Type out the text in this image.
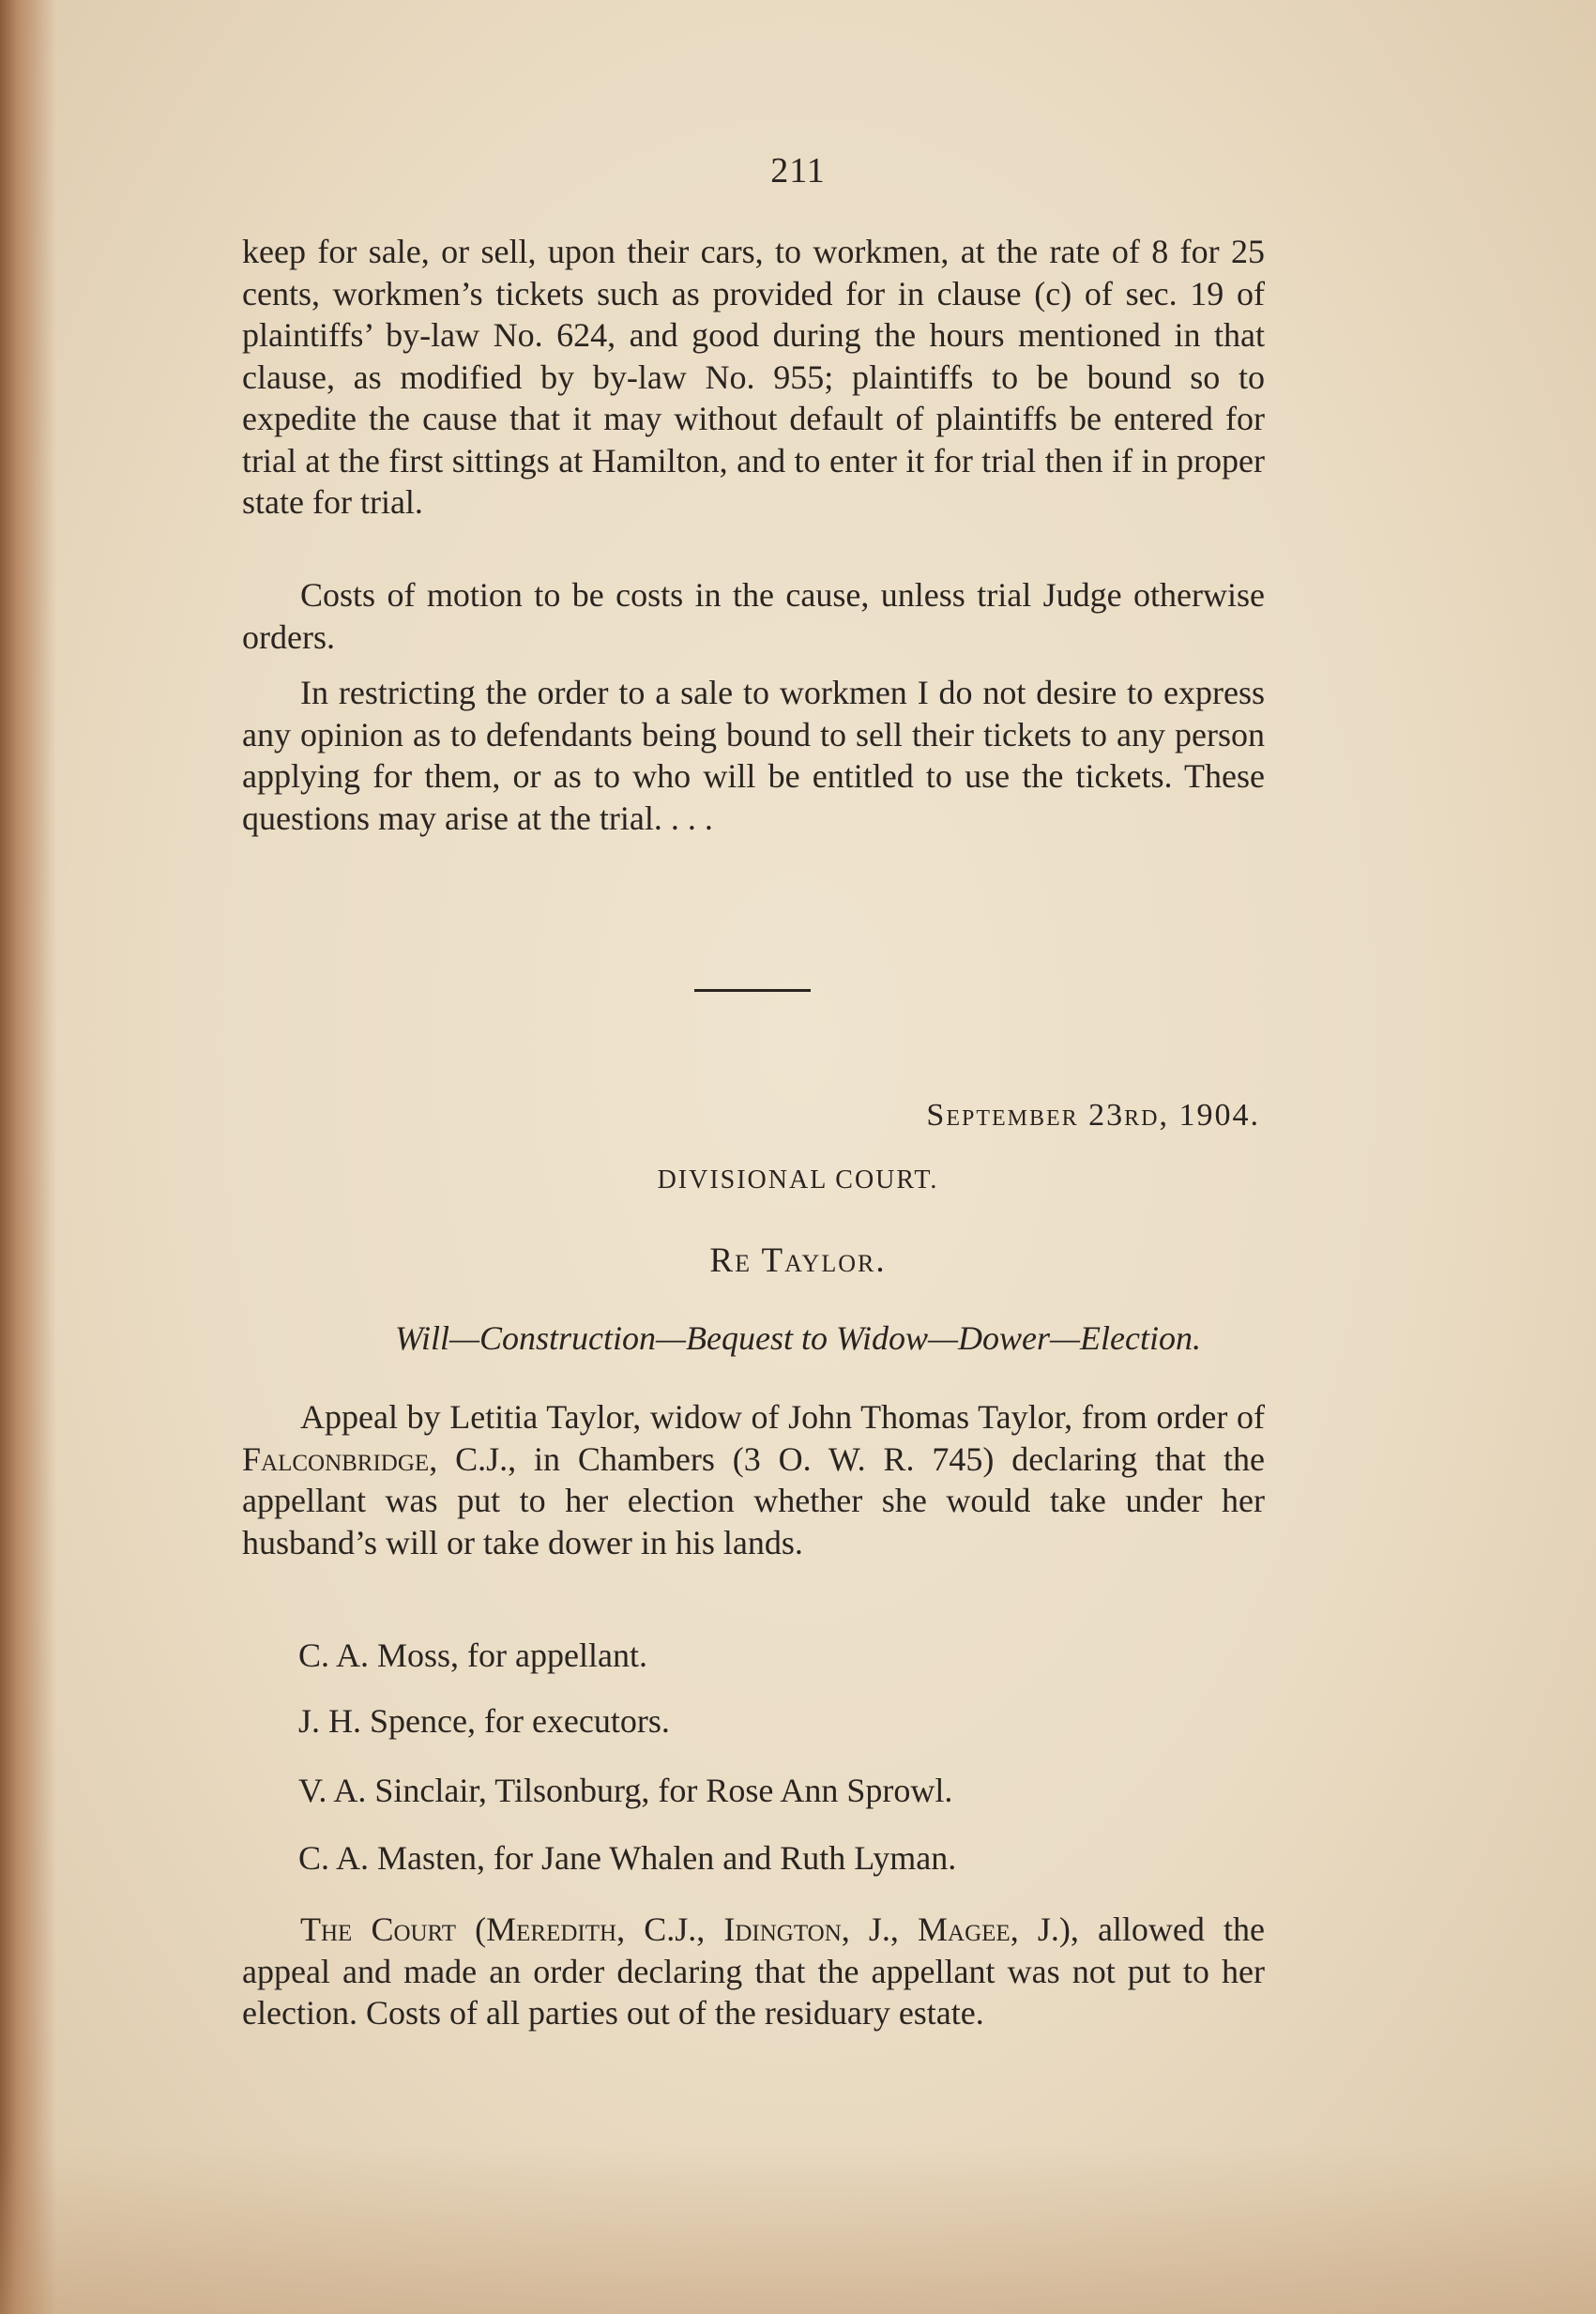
211

keep for sale, or sell, upon their cars, to workmen, at the rate of 8 for 25 cents, workmen’s tickets such as provided for in clause (c) of sec. 19 of plaintiffs’ by-law No. 624, and good during the hours mentioned in that clause, as modified by by-law No. 955; plaintiffs to be bound so to expedite the cause that it may without default of plaintiffs be entered for trial at the first sittings at Hamilton, and to enter it for trial then if in proper state for trial.

Costs of motion to be costs in the cause, unless trial Judge otherwise orders.

In restricting the order to a sale to workmen I do not desire to express any opinion as to defendants being bound to sell their tickets to any person applying for them, or as to who will be entitled to use the tickets. These questions may arise at the trial. . . .

September 23rd, 1904.
DIVISIONAL COURT.
Re Taylor.
Will—Construction—Bequest to Widow—Dower—Election.

Appeal by Letitia Taylor, widow of John Thomas Taylor, from order of Falconbridge, C.J., in Chambers (3 O. W. R. 745) declaring that the appellant was put to her election whether she would take under her husband’s will or take dower in his lands.

C. A. Moss, for appellant.
J. H. Spence, for executors.
V. A. Sinclair, Tilsonburg, for Rose Ann Sprowl.
C. A. Masten, for Jane Whalen and Ruth Lyman.

The Court (Meredith, C.J., Idington, J., Magee, J.), allowed the appeal and made an order declaring that the appellant was not put to her election. Costs of all parties out of the residuary estate.
